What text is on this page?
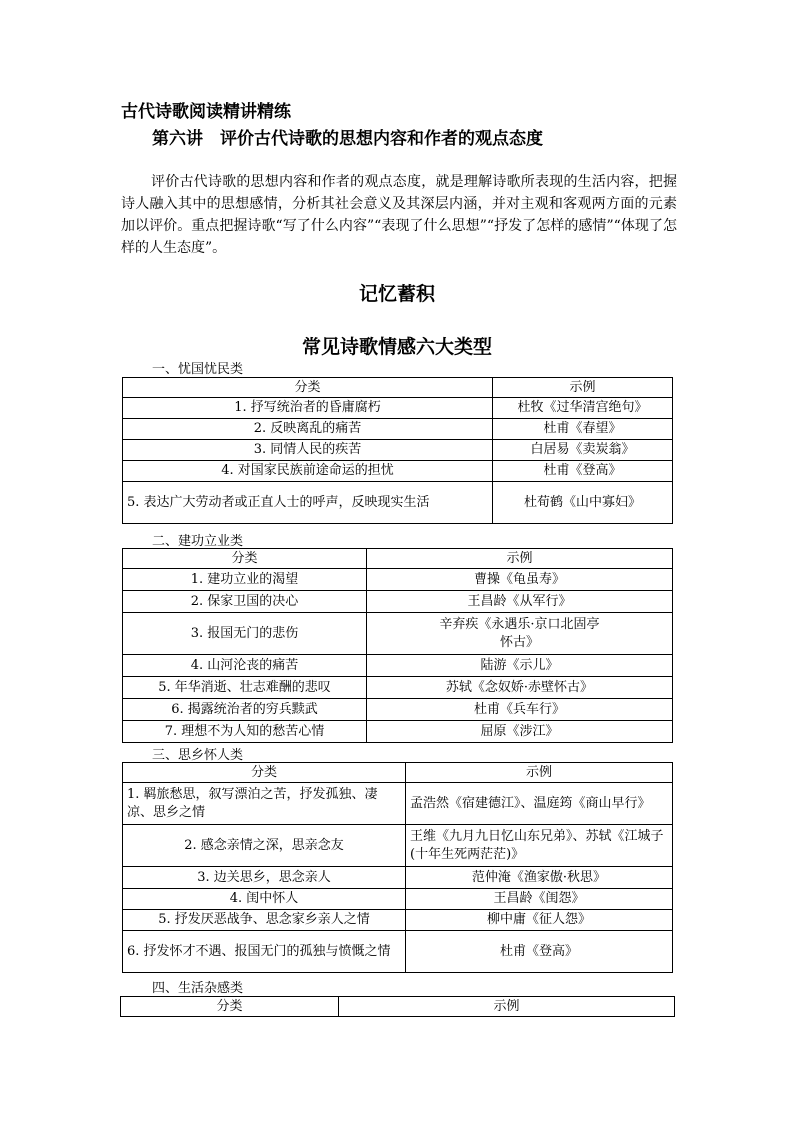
古代诗歌阅读精讲精练
第六讲　评价古代诗歌的思想内容和作者的观点态度
评价古代诗歌的思想内容和作者的观点态度，就是理解诗歌所表现的生活内容，把握诗人融入其中的思想感情，分析其社会意义及其深层内涵，并对主观和客观两方面的元素加以评价。重点把握诗歌“写了什么内容”“表现了什么思想”“抒发了怎样的感情”“体现了怎样的人生态度”。
记忆蓄积
常见诗歌情感六大类型
一、忧国忧民类
分类	示例
1. 抒写统治者的昏庸腐朽	杜牧《过华清宫绝句》
2. 反映离乱的痛苦	杜甫《春望》
3. 同情人民的疾苦	白居易《卖炭翁》
4. 对国家民族前途命运的担忧	杜甫《登高》
5. 表达广大劳动者或正直人士的呼声，反映现实生活	杜荀鹤《山中寡妇》
二、建功立业类
分类	示例
1. 建功立业的渴望	曹操《龟虽寿》
2. 保家卫国的决心	王昌龄《从军行》
3. 报国无门的悲伤	辛弃疾《永遇乐·京口北固亭怀古》
4. 山河沦丧的痛苦	陆游《示儿》
5. 年华消逝、壮志难酬的悲叹	苏轼《念奴娇·赤壁怀古》
6. 揭露统治者的穷兵黩武	杜甫《兵车行》
7. 理想不为人知的愁苦心情	屈原《涉江》
三、思乡怀人类
分类	示例
1. 羁旅愁思，叙写漂泊之苦，抒发孤独、凄凉、思乡之情	孟浩然《宿建德江》、温庭筠《商山早行》
2. 感念亲情之深，思亲念友	王维《九月九日忆山东兄弟》、苏轼《江城子(十年生死两茫茫)》
3. 边关思乡，思念亲人	范仲淹《渔家傲·秋思》
4. 闺中怀人	王昌龄《闺怨》
5. 抒发厌恶战争、思念家乡亲人之情	柳中庸《征人怨》
6. 抒发怀才不遇、报国无门的孤独与愤慨之情	杜甫《登高》
四、生活杂感类
分类	示例
